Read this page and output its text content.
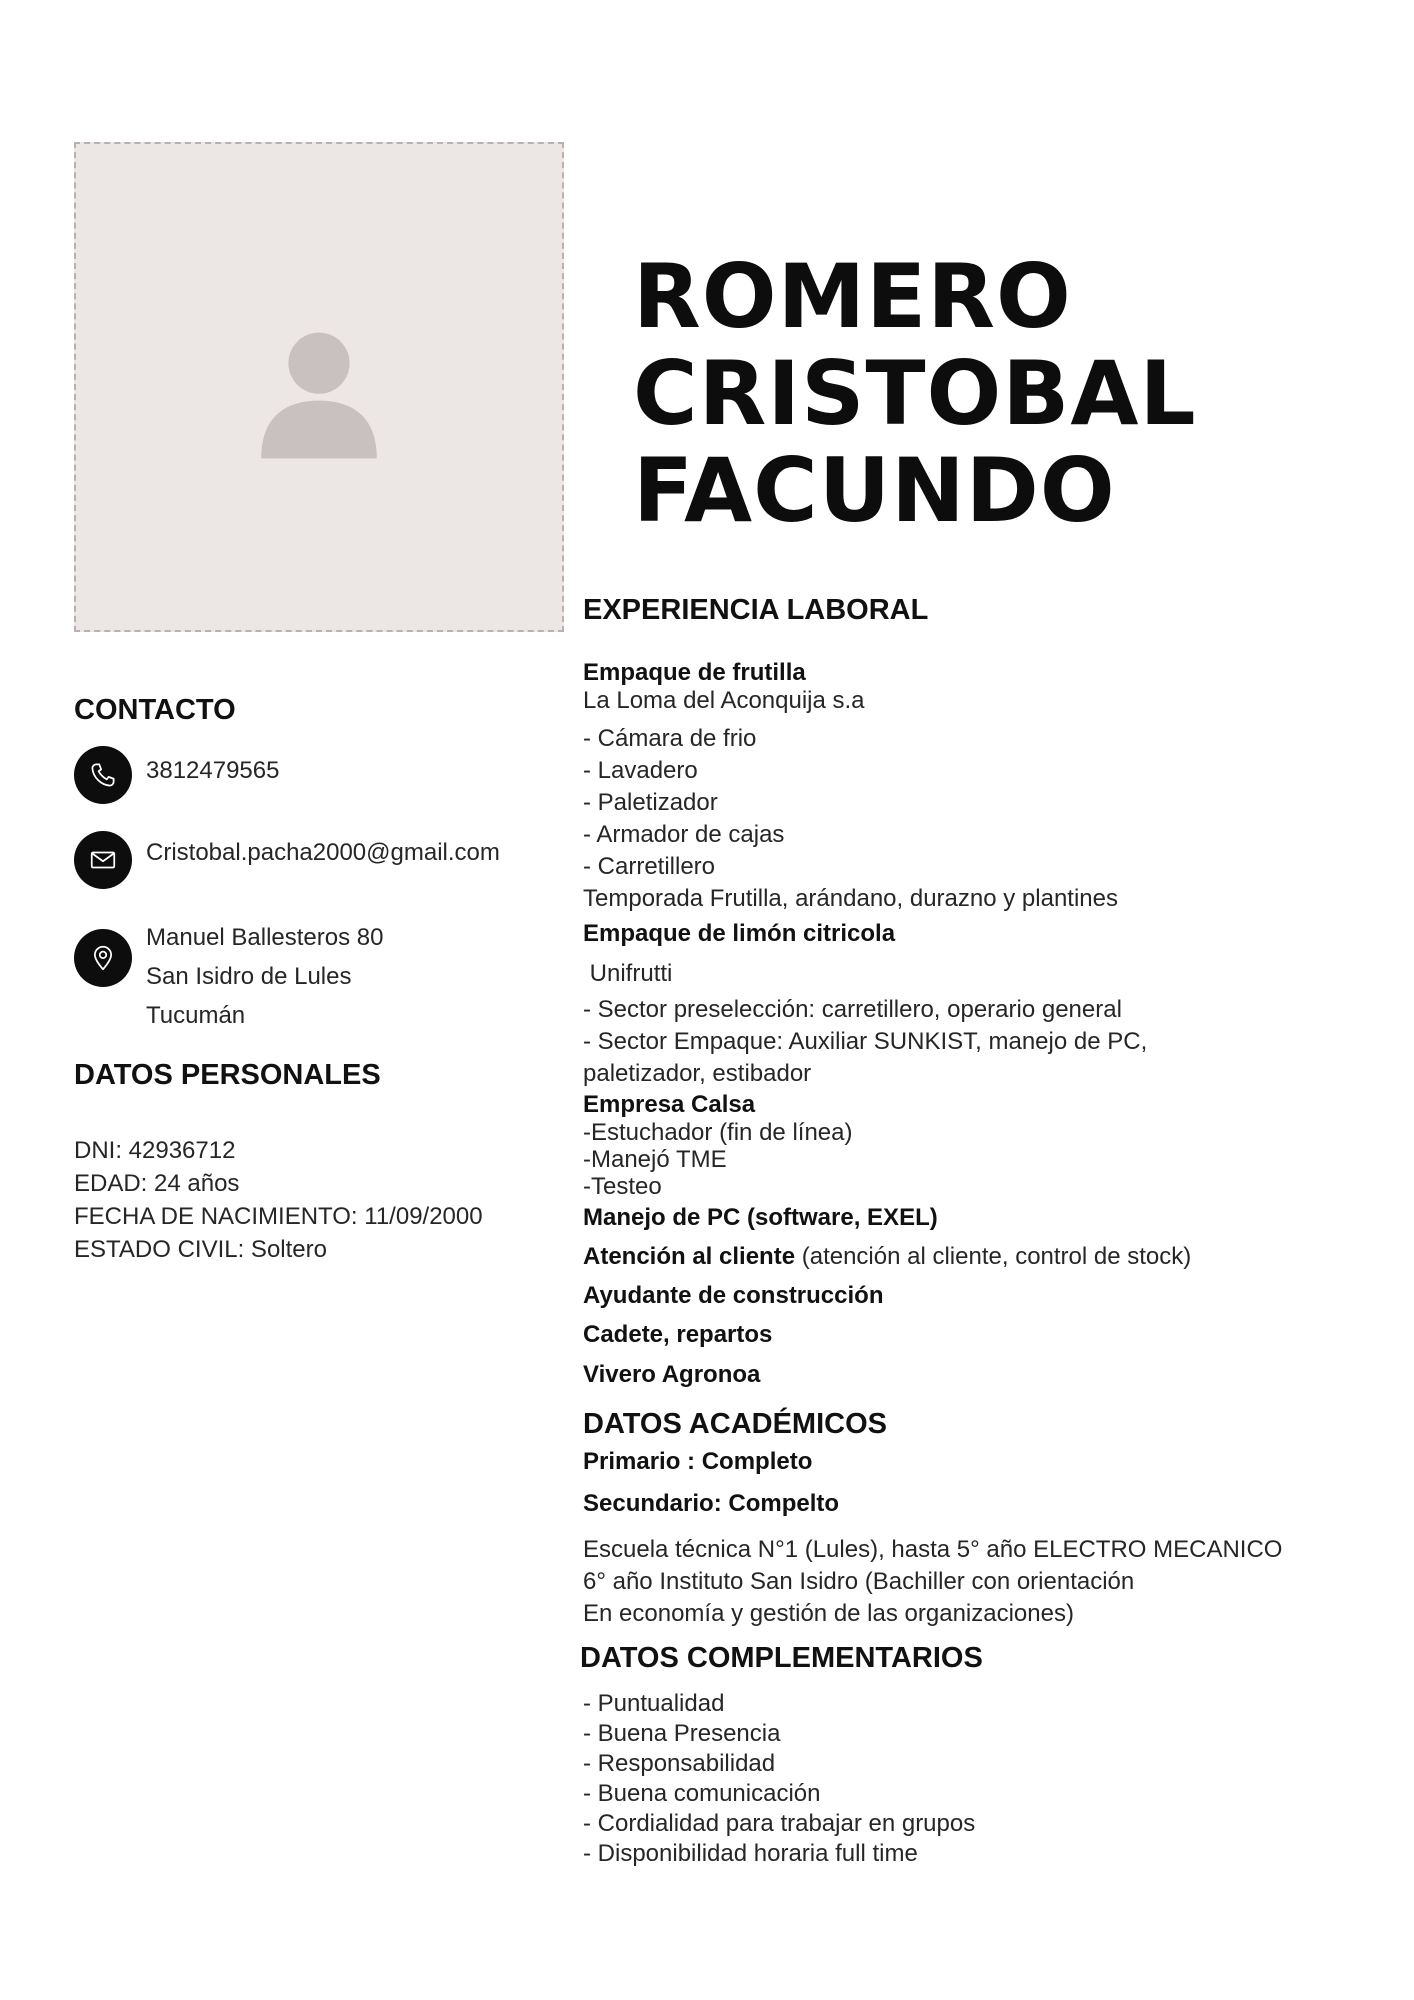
ROMERO
CRISTOBAL
FACUNDO
CONTACTO
3812479565
Cristobal.pacha2000@gmail.com
Manuel Ballesteros 80
San Isidro de Lules
Tucumán
DATOS PERSONALES
DNI: 42936712
EDAD: 24 años
FECHA DE NACIMIENTO: 11/09/2000
ESTADO CIVIL: Soltero
EXPERIENCIA LABORAL
Empaque de frutilla
La Loma del Aconquija s.a
- Cámara de frio
- Lavadero
- Paletizador
- Armador de cajas
- Carretillero
Temporada Frutilla, arándano, durazno y plantines
Empaque de limón citricola
Unifrutti
- Sector preselección: carretillero, operario general
- Sector Empaque: Auxiliar SUNKIST, manejo de PC,
paletizador, estibador
Empresa Calsa
-Estuchador (fin de línea)
-Manejó TME
-Testeo
Manejo de PC (software, EXEL)
Atención al cliente (atención al cliente, control de stock)
Ayudante de construcción
Cadete, repartos
Vivero Agronoa
DATOS ACADÉMICOS
Primario : Completo
Secundario: Compelto
Escuela técnica N°1 (Lules), hasta 5° año ELECTRO MECANICO
6° año Instituto San Isidro (Bachiller con orientación
En economía y gestión de las organizaciones)
DATOS COMPLEMENTARIOS
- Puntualidad
- Buena Presencia
- Responsabilidad
- Buena comunicación
- Cordialidad para trabajar en grupos
- Disponibilidad horaria full time
